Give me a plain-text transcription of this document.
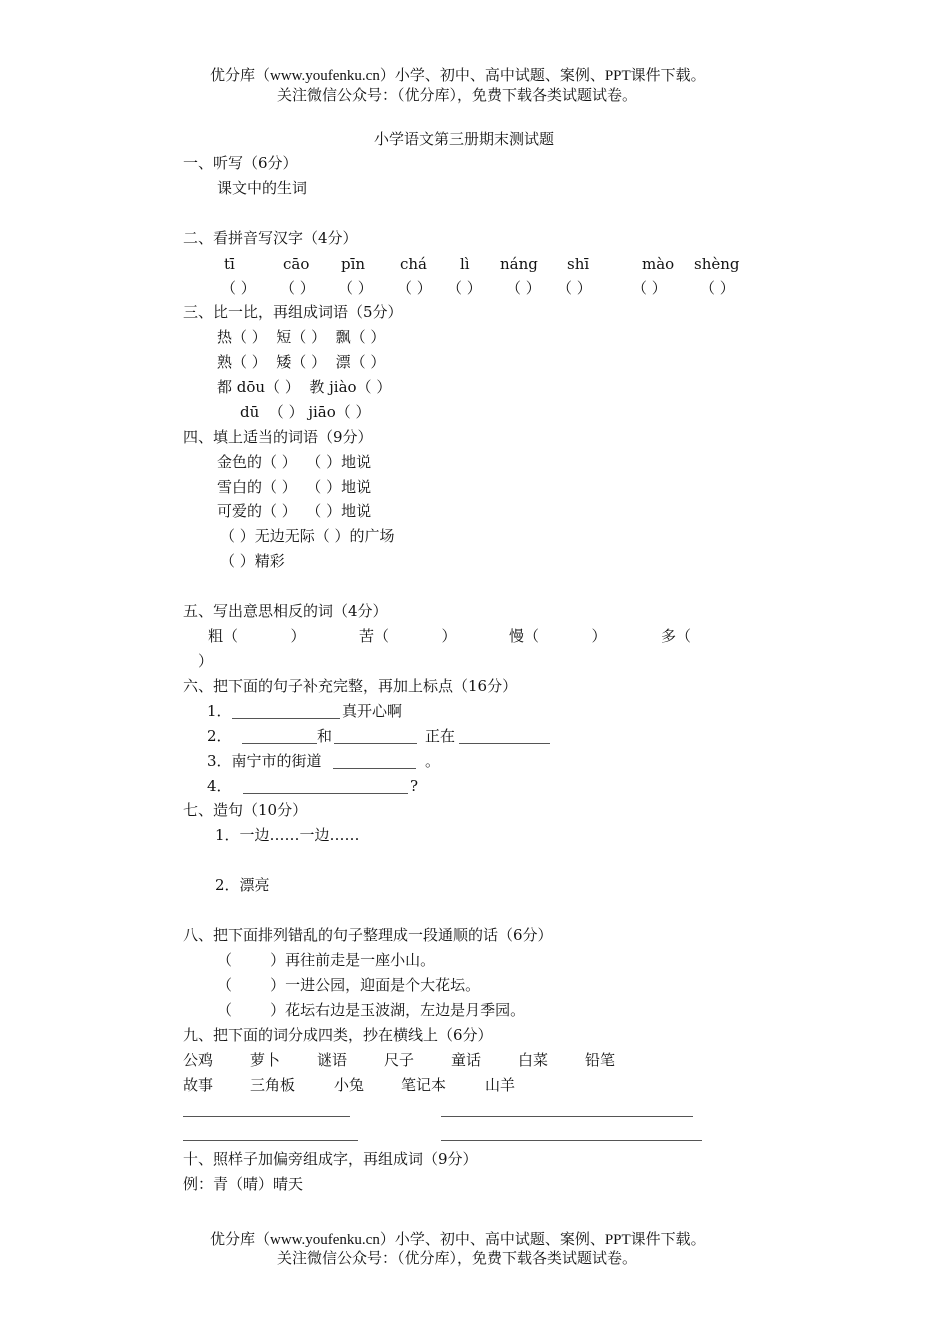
优分库（www.youfenku.cn）小学、初中、高中试题、案例、PPT课件下载。
关注微信公众号：（优分库），免费下载各类试题试卷。
小学语文第三册期末测试题
一、听写（6分）
课文中的生词
二、看拼音写汉字（4分）
tī	cāo pīn chá lì náng shī	mào shèng
（ ） （ ） （ ） （ ） （ ） （ ） （ ）	（ ） （ ）
三、比一比，再组成词语（5分）
热（ ）  短（ ）  飘（ ）
熟（ ）  矮（ ）  漂（ ）
都 dōu（ ）  教 jiào（ ）
dū  （ ） jiāo（ ）
四、填上适当的词语（9分）
金色的（ ）  （ ）地说
雪白的（ ）  （ ）地说
可爱的（ ）  （ ）地说
（ ）无边无际（ ）的广场
（ ）精彩
五、写出意思相反的词（4分）
粗（           ）	苦（           ）	慢（           ）	多（
）
六、把下面的句子补充完整，再加上标点（16分）
1．	真开心啊
2．	和	正在
3．南宁市的街道	。
4．	?
七、造句（10分）
1．一边……一边……
2．漂亮
八、把下面排列错乱的句子整理成一段通顺的话（6分）
（        ）再往前走是一座小山。
（        ）一进公园，迎面是个大花坛。
（        ）花坛右边是玉波湖，左边是月季园。
九、把下面的词分成四类，抄在横线上（6分）
公鸡 萝卜 谜语 尺子 童话 白菜 铅笔
故事 三角板	小兔 笔记本	山羊
十、照样子加偏旁组成字，再组成词（9分）
例：青（晴）晴天
优分库（www.youfenku.cn）小学、初中、高中试题、案例、PPT课件下载。
关注微信公众号：（优分库），免费下载各类试题试卷。
